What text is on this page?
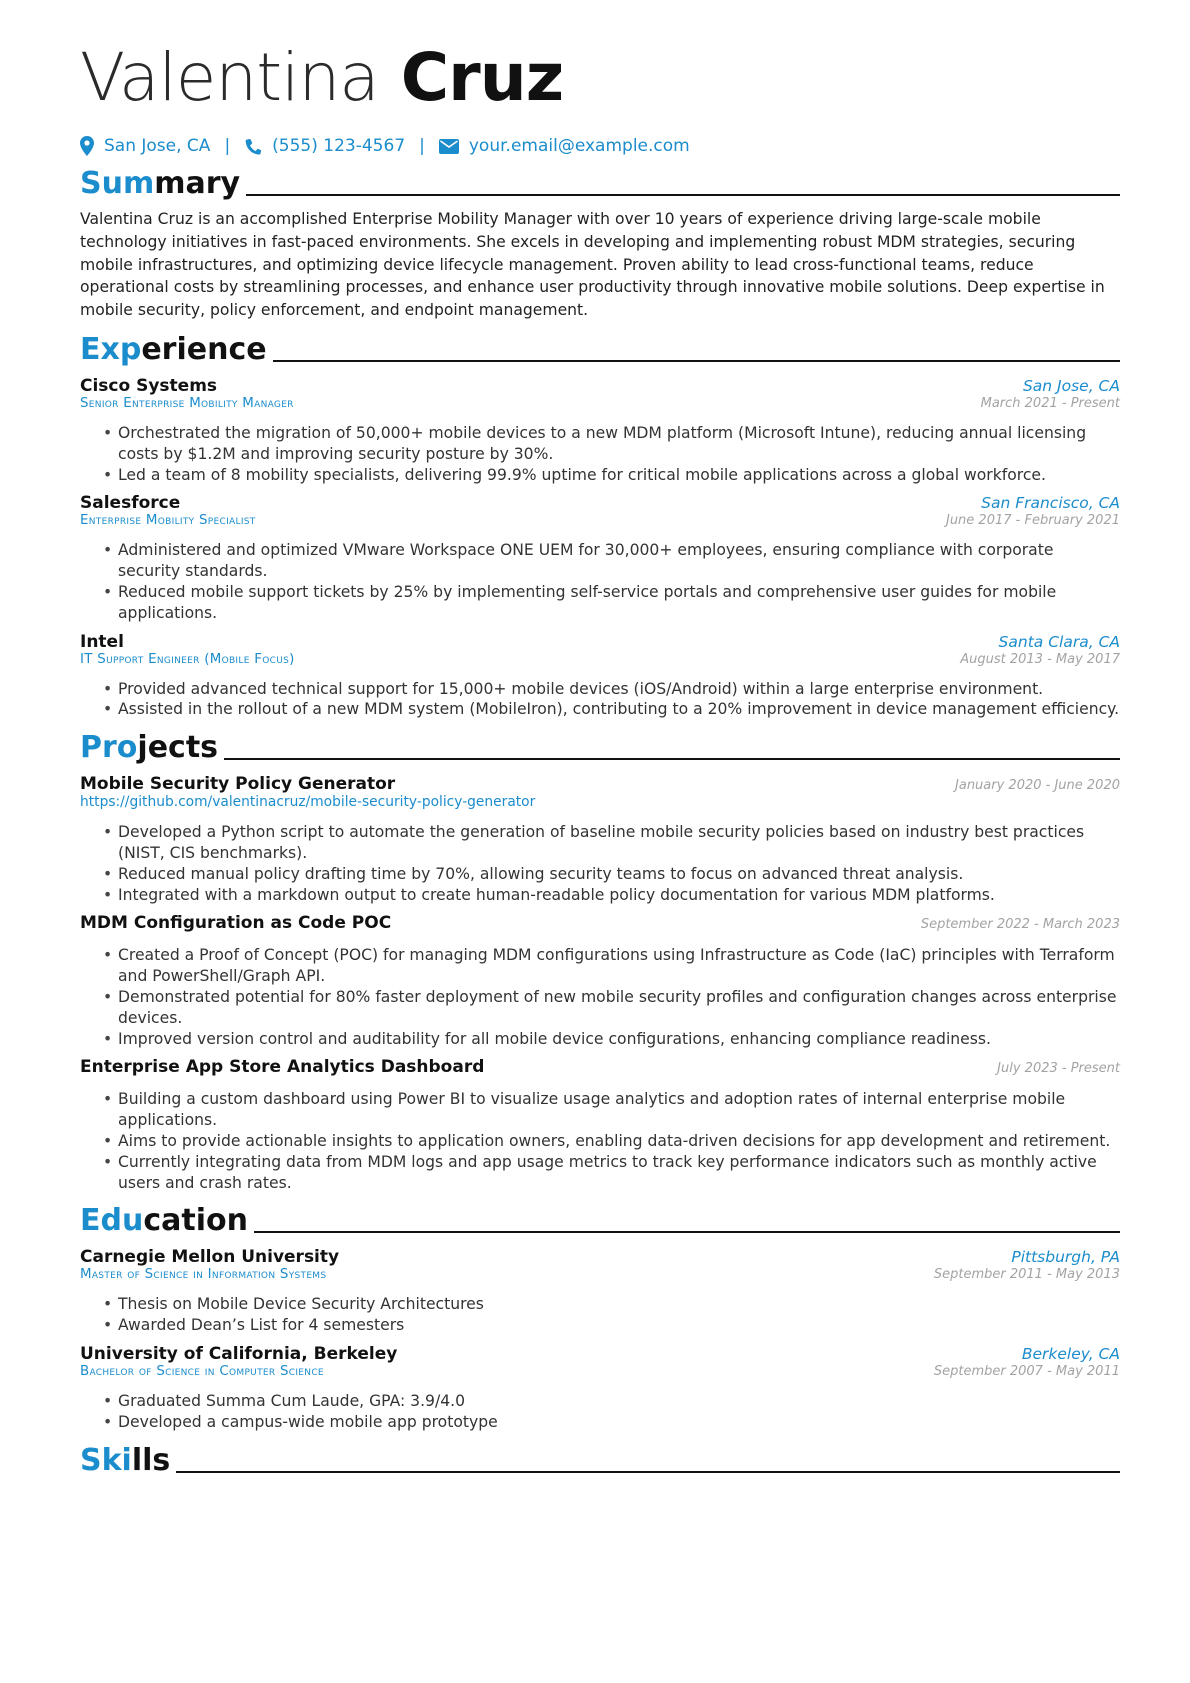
Valentina Cruz
San Jose, CA | (555) 123-4567 |	your.email@example.com
Summary
Valentina Cruz is an accomplished Enterprise Mobility Manager with over 10 years of experience driving large-scale mobile technology initiatives in fast-paced environments. She excels in developing and implementing robust MDM strategies, securing mobile infrastructures, and optimizing device lifecycle management. Proven ability to lead cross-functional teams, reduce operational costs by streamlining processes, and enhance user productivity through innovative mobile solutions. Deep expertise in mobile security, policy enforcement, and endpoint management.
Experience
Cisco Systems	San Jose, CA
Senior Enterprise Mobility Manager	March 2021 - Present
• Orchestrated the migration of 50,000+ mobile devices to a new MDM platform (Microsoft Intune), reducing annual licensing costs by $1.2M and improving security posture by 30%.
• Led a team of 8 mobility specialists, delivering 99.9% uptime for critical mobile applications across a global workforce.
Salesforce	San Francisco, CA
Enterprise Mobility Specialist	June 2017 - February 2021
• Administered and optimized VMware Workspace ONE UEM for 30,000+ employees, ensuring compliance with corporate security standards.
• Reduced mobile support tickets by 25% by implementing self-service portals and comprehensive user guides for mobile applications.
Intel	Santa Clara, CA
IT Support Engineer (Mobile Focus)	August 2013 - May 2017
• Provided advanced technical support for 15,000+ mobile devices (iOS/Android) within a large enterprise environment.
• Assisted in the rollout of a new MDM system (MobileIron), contributing to a 20% improvement in device management efficiency.
Projects
Mobile Security Policy Generator	January 2020 - June 2020
https://github.com/valentinacruz/mobile-security-policy-generator
• Developed a Python script to automate the generation of baseline mobile security policies based on industry best practices (NIST, CIS benchmarks).
• Reduced manual policy drafting time by 70%, allowing security teams to focus on advanced threat analysis.
• Integrated with a markdown output to create human-readable policy documentation for various MDM platforms.
MDM Configuration as Code POC	September 2022 - March 2023
• Created a Proof of Concept (POC) for managing MDM configurations using Infrastructure as Code (IaC) principles with Terraform and PowerShell/Graph API.
• Demonstrated potential for 80% faster deployment of new mobile security profiles and configuration changes across enterprise devices.
• Improved version control and auditability for all mobile device configurations, enhancing compliance readiness.
Enterprise App Store Analytics Dashboard	July 2023 - Present
• Building a custom dashboard using Power BI to visualize usage analytics and adoption rates of internal enterprise mobile applications.
• Aims to provide actionable insights to application owners, enabling data-driven decisions for app development and retirement.
• Currently integrating data from MDM logs and app usage metrics to track key performance indicators such as monthly active users and crash rates.
Education
Carnegie Mellon University	Pittsburgh, PA
Master of Science in Information Systems	September 2011 - May 2013
• Thesis on Mobile Device Security Architectures
• Awarded Dean’s List for 4 semesters
University of California, Berkeley	Berkeley, CA
Bachelor of Science in Computer Science	September 2007 - May 2011
• Graduated Summa Cum Laude, GPA: 3.9/4.0
• Developed a campus-wide mobile app prototype
Skills
